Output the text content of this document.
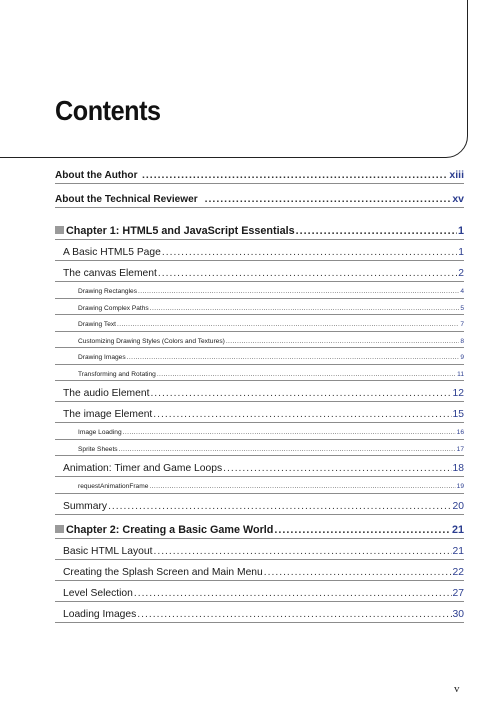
Contents
About the Author .....	xiii
About the Technical Reviewer .....	xv
Chapter 1: HTML5 and JavaScript Essentials .....	1
A Basic HTML5 Page .....	1
The canvas Element .....	2
Drawing Rectangles .....	4
Drawing Complex Paths .....	5
Drawing Text .....	7
Customizing Drawing Styles (Colors and Textures) .....	8
Drawing Images .....	9
Transforming and Rotating .....	11
The audio Element .....	12
The image Element .....	15
Image Loading .....	16
Sprite Sheets .....	17
Animation: Timer and Game Loops .....	18
requestAnimationFrame .....	19
Summary .....	20
Chapter 2: Creating a Basic Game World .....	21
Basic HTML Layout .....	21
Creating the Splash Screen and Main Menu .....	22
Level Selection .....	27
Loading Images .....	30
v
